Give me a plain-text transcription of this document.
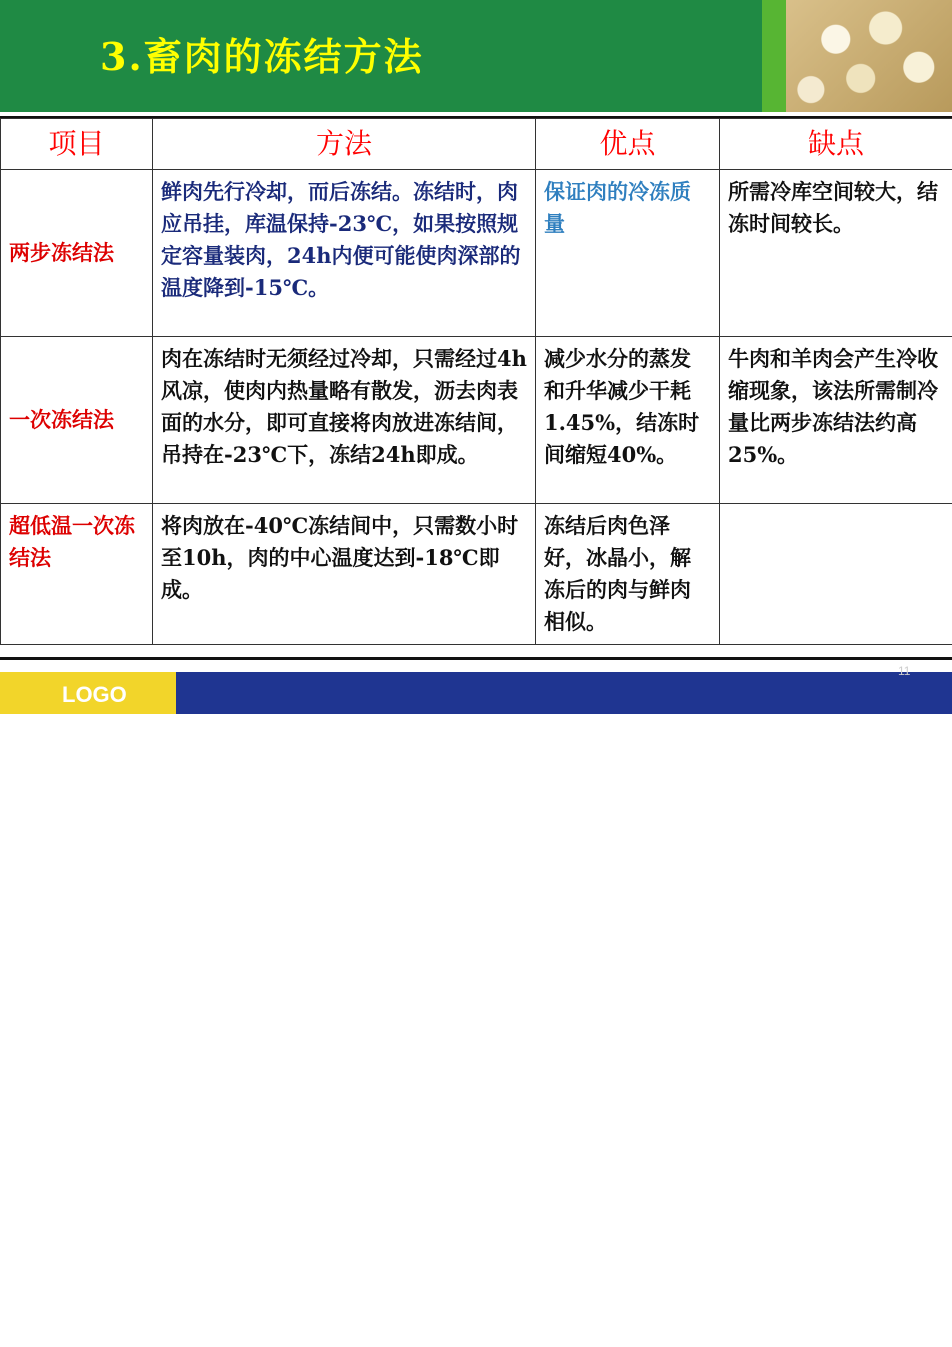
3.畜肉的冻结方法
项目	方法	优点	缺点
两步冻结法	鲜肉先行冷却，而后冻结。冻结时，肉应吊挂，库温保持-23℃，如果按照规定容量装肉，24h内便可能使肉深部的温度降到-15℃。	保证肉的冷冻质量	所需冷库空间较大，结冻时间较长。
一次冻结法	肉在冻结时无须经过冷却，只需经过4h风凉，使肉内热量略有散发，沥去肉表面的水分，即可直接将肉放进冻结间，吊持在-23℃下，冻结24h即成。	减少水分的蒸发和升华减少干耗1.45%，结冻时间缩短40%。	牛肉和羊肉会产生冷收缩现象，该法所需制冷量比两步冻结法约高25%。
超低温一次冻结法	将肉放在-40℃冻结间中，只需数小时至10h，肉的中心温度达到-18℃即成。	冻结后肉色泽好，冰晶小，解冻后的肉与鲜肉相似。	
LOGO
11
